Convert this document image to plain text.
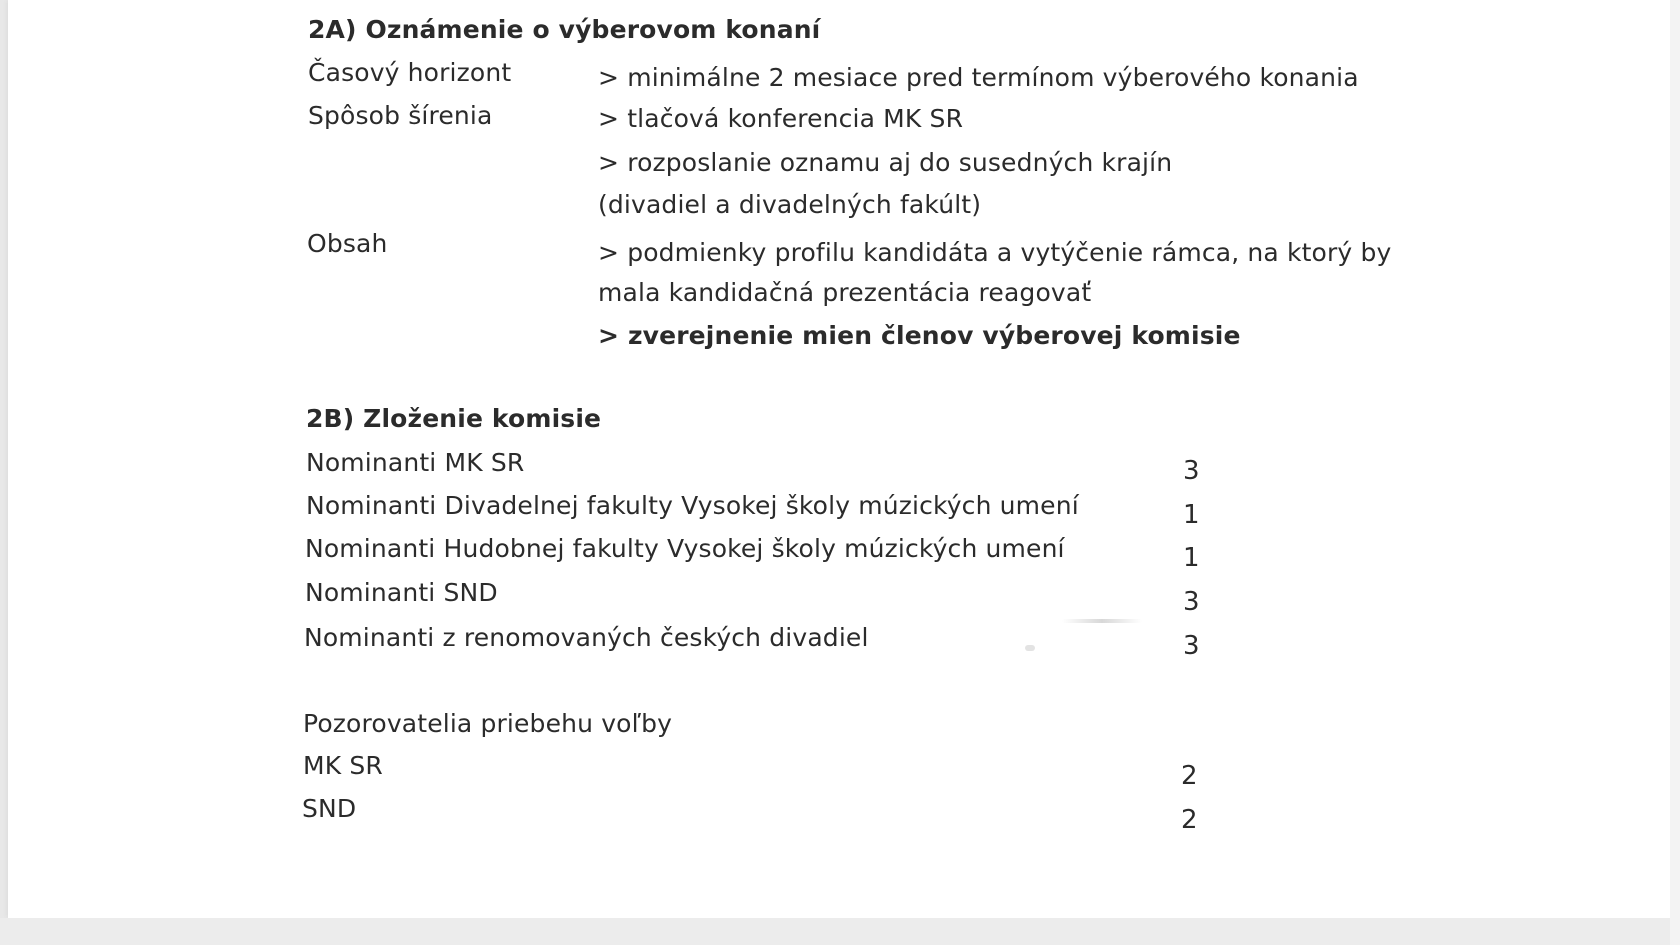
2A) Oznámenie o výberovom konaní

Časový horizont	> minimálne 2 mesiace pred termínom výberového konania

Spôsob šírenia	> tlačová konferencia MK SR

> rozposlanie oznamu aj do susedných krajín

(divadiel a divadelných fakúlt)

Obsah	> podmienky profilu kandidáta a vytýčenie rámca, na ktorý by

mala kandidačná prezentácia reagovať

> zverejnenie mien členov výberovej komisie

2B) Zloženie komisie

Nominanti MK SR	3

Nominanti Divadelnej fakulty Vysokej školy múzických umení	1

Nominanti Hudobnej fakulty Vysokej školy múzických umení	1

Nominanti SND	3

Nominanti z renomovaných českých divadiel	3

Pozorovatelia priebehu voľby

MK SR	2

SND	2
